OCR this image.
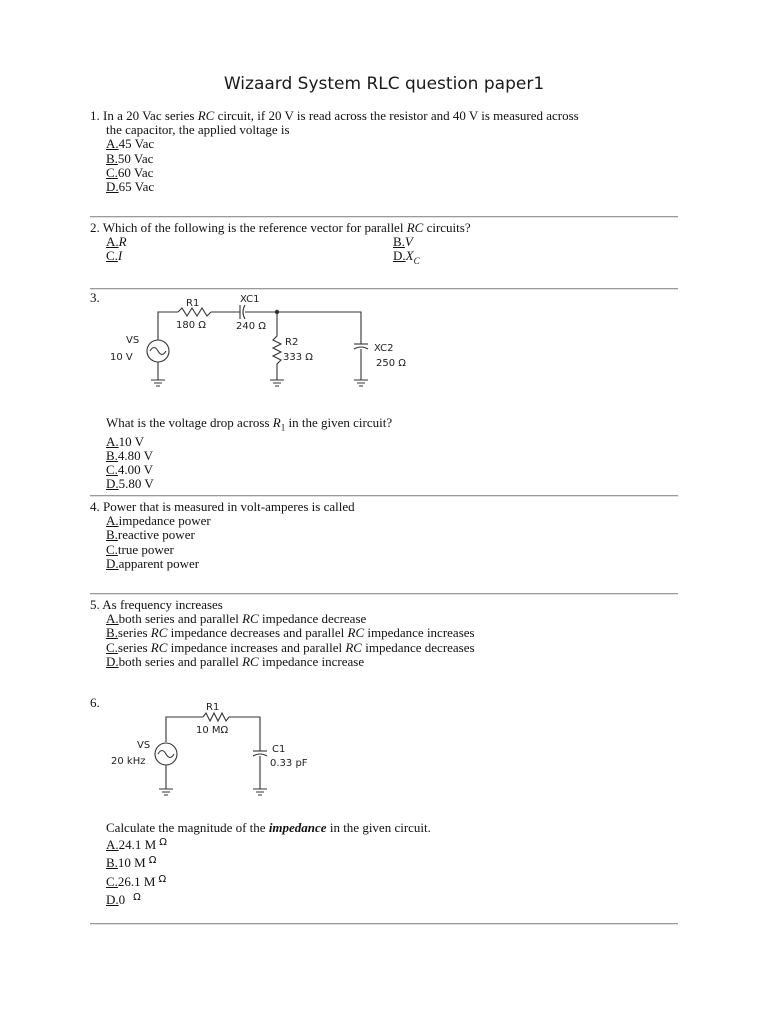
Wizaard System RLC question paper1

1. In a 20 Vac series RC circuit, if 20 V is read across the resistor and 40 V is measured across

the capacitor, the applied voltage is

A.45 Vac
B.50 Vac
C.60 Vac
D.65 Vac

2. Which of the following is the reference vector for parallel RC circuits?

A.R	B.V
C.I	$D.X_C$
3.	R1
180 Ω
XC1
240 Ω
R2
333 Ω
XC2
250 Ω
VS
10 V

What is the voltage drop across $R_1$ in the given circuit?

A.10 V
B.4.80 V
C.4.00 V
D.5.80 V

4. Power that is measured in volt-amperes is called

A.impedance power
B.reactive power
C.true power
D.apparent power

5. As frequency increases

A.both series and parallel RC impedance decrease
B.series RC impedance decreases and parallel RC impedance increases
C.series RC impedance increases and parallel RC impedance decreases
D.both series and parallel RC impedance increase
6.	R1
10 MΩ
C1
0.33 pF
VS
20 kHz

Calculate the magnitude of the impedance in the given circuit.

A.24.1 M $^\Omega$
B.10 M $^\Omega$
C.26.1 M $^\Omega$
D.0 $^\Omega$
